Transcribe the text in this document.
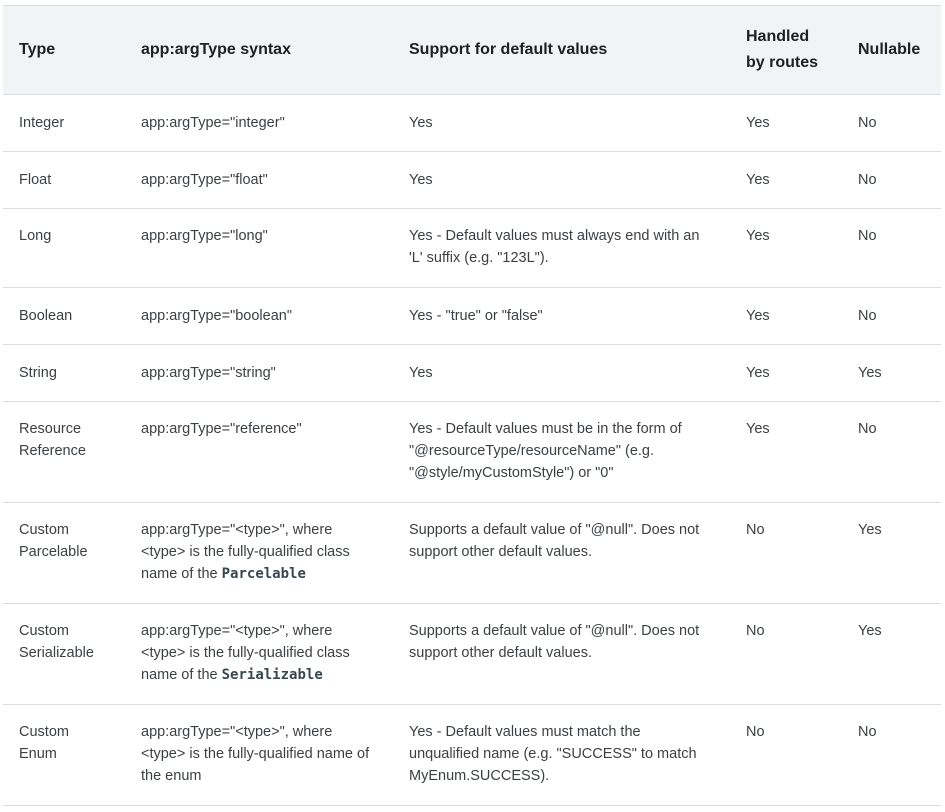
Type	app:argType syntax	Support for default values	Handled by routes	Nullable
Integer	app:argType="integer"	Yes	Yes	No
Float	app:argType="float"	Yes	Yes	No
Long	app:argType="long"	Yes - Default values must always end with an 'L' suffix (e.g. "123L").	Yes	No
Boolean	app:argType="boolean"	Yes - "true" or "false"	Yes	No
String	app:argType="string"	Yes	Yes	Yes
Resource Reference	app:argType="reference"	Yes - Default values must be in the form of "@resourceType/resourceName" (e.g. "@style/myCustomStyle") or "0"	Yes	No
Custom Parcelable	app:argType="<type>", where <type> is the fully-qualified class name of the Parcelable	Supports a default value of "@null". Does not support other default values.	No	Yes
Custom Serializable	app:argType="<type>", where <type> is the fully-qualified class name of the Serializable	Supports a default value of "@null". Does not support other default values.	No	Yes
Custom Enum	app:argType="<type>", where <type> is the fully-qualified name of the enum	Yes - Default values must match the unqualified name (e.g. "SUCCESS" to match MyEnum.SUCCESS).	No	No
